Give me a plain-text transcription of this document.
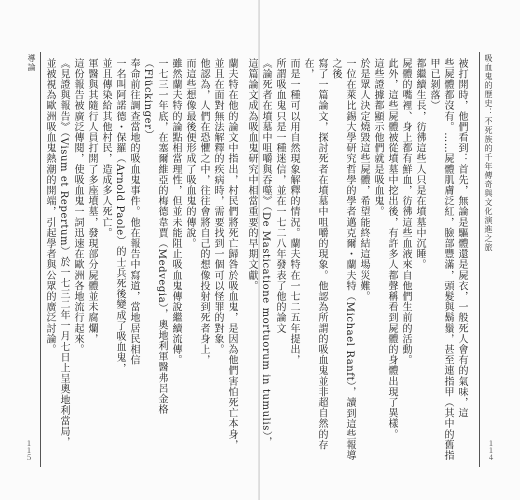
導論
１１５
蘭夫特在他的論文中指出，村民們將死亡歸咎於吸血鬼，是因為他們害怕死亡本身，
並且在面對無法解釋的疾病時，需要找到一個可以怪罪的對象。
他認為，人們在恐懼之中，往往會將自己的想像投射到死者身上，
而這些想像最後便形成了吸血鬼的傳說。
雖然蘭夫特的論點相當理性，但並未能阻止吸血鬼傳說繼續流傳。
一七三一年底，在塞爾維亞的梅德韋賈（Medvegia），奧地利軍醫弗呂金格（Flückinger）
奉命前往調查當地的吸血鬼事件。他在報告中寫道，當地居民相信
一名叫阿諾德・保羅（Arnold Paole）的士兵死後變成了吸血鬼，
並且傳染給其他村民，造成多人死亡。
軍醫與其隨行人員打開了多座墳墓，發現部分屍體並未腐爛，
這份報告被廣泛傳閱，使吸血鬼一詞迅速在歐洲各地流行起來。
《見證與報告》（Visum et Repertum）於一七三二年一月七日上呈奧地利當局，
並被視為歐洲吸血鬼熱潮的開端，引起學者與公眾的廣泛討論。	吸血鬼的歷史：不死族的千年傳奇與文化演進之旅
１１４
被打開時，他們看到：首先，無論是驅體還是屍衣，一般死人會有的氣味，這
些屍體都沒有。……屍體肌膚泛紅，臉部豐滿，頭髮與鬍鬚，甚至連指甲（其中的舊指甲已剝落）
都繼續生長，彷彿這些人只是在墳墓中沉睡。
屍體的嘴裡、身上都有鮮血，彷彿這些血液來自他們生前的活動。
此外，這些屍體被從墳墓中挖出後，有許多人都聲稱看到屍體的身體出現了異樣。
這些證據都顯示他們就是吸血鬼。
於是眾人決定燒毀這些屍體，希望能終結這場災難。
一位在萊比錫大學研究哲學的學者邁克爾・蘭夫特（Michael Ranft），讀到這些報導之後
寫了一篇論文，探討死者在墳墓中咀嚼的現象。他認為所謂的吸血鬼並非超自然的存在，
而是一種可以用自然現象解釋的情況。蘭夫特在一七二五年提出，
所謂吸血鬼只是一種迷信，並在一七二八年發表了他的論文
《論死者在墳墓中咀嚼與吞噬》（De Masticatione mortuorum in tumulis），
這篇論文成為吸血鬼研究中相當重要的早期文獻。
